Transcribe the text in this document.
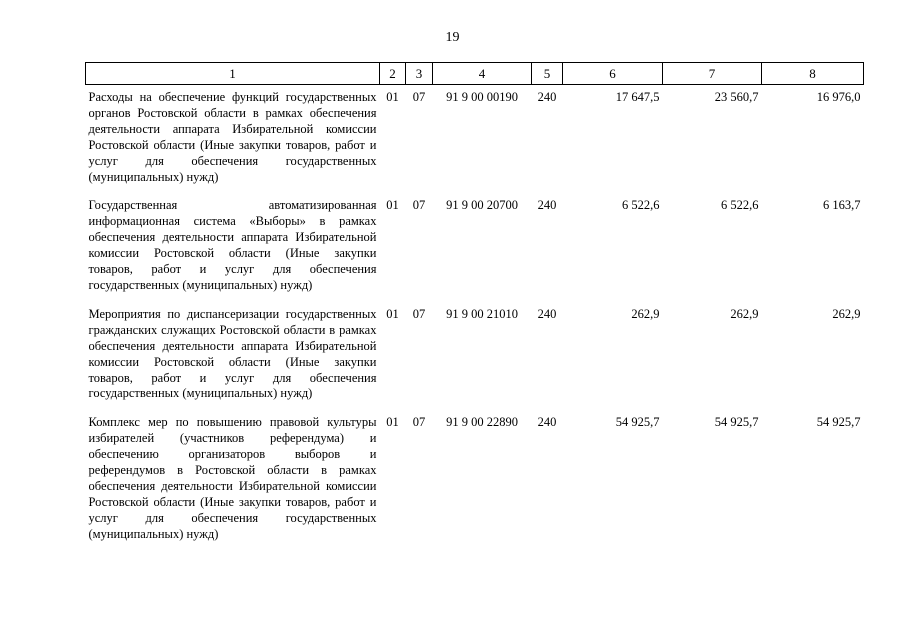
19
1	2	3	4	5	6	7	8
Расходы на обеспечение функций государственных органов Ростовской области в рамках обеспечения деятельности аппарата Избирательной комиссии Ростовской области (Иные закупки товаров, работ и услуг для обеспечения государственных (муниципальных) нужд)	01	07	91 9 00 00190	240	17 647,5	23 560,7	16 976,0
Государственная автоматизированная информационная система «Выборы» в рамках обеспечения деятельности аппарата Избирательной комиссии Ростовской области (Иные закупки товаров, работ и услуг для обеспечения государственных (муниципальных) нужд)	01	07	91 9 00 20700	240	6 522,6	6 522,6	6 163,7
Мероприятия по диспансеризации государственных гражданских служащих Ростовской области в рамках обеспечения деятельности аппарата Избирательной комиссии Ростовской области (Иные закупки товаров, работ и услуг для обеспечения государственных (муниципальных) нужд)	01	07	91 9 00 21010	240	262,9	262,9	262,9
Комплекс мер по повышению правовой культуры избирателей (участников референдума) и обеспечению организаторов выборов и референдумов в Ростовской области в рамках обеспечения деятельности Избирательной комиссии Ростовской области (Иные закупки товаров, работ и услуг для обеспечения государственных (муниципальных) нужд)	01	07	91 9 00 22890	240	54 925,7	54 925,7	54 925,7
